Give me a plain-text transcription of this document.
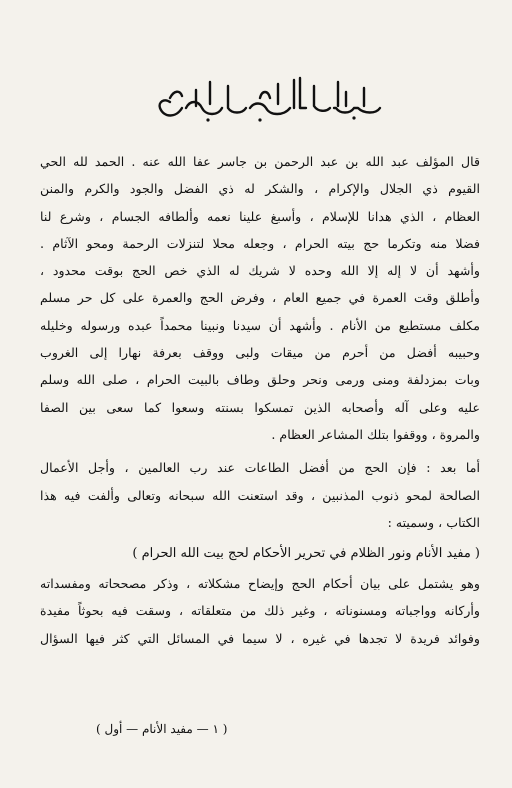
قال المؤلف عبد الله بن عبد الرحمن بن جاسر عفا الله عنه . الحمد لله الحي
القيوم ذي الجلال والإكرام ، والشكر له ذي الفضل والجود والكرم والمنن
العظام ، الذي هدانا للإسلام ، وأسبغ علينا نعمه وألطافه الجسام ، وشرع لنا
فضلا منه وتكرما حج بيته الحرام ، وجعله محلا لتنزلات الرحمة ومحو الآثام .
وأشهد أن لا إله إلا الله وحده لا شريك له الذي خص الحج بوقت محدود ،
وأطلق وقت العمرة في جميع العام ، وفرض الحج والعمرة على كل حر مسلم
مكلف مستطيع من الأنام . وأشهد أن سيدنا ونبينا محمداً عبده ورسوله وخليله
وحبيبه أفضل من أحرم من ميقات ولبى ووقف بعرفة نهارا إلى الغروب
وبات بمزدلفة ومنى ورمى ونحر وحلق وطاف بالبيت الحرام ، صلى الله وسلم
عليه وعلى آله وأصحابه الذين تمسكوا بسنته وسعوا كما سعى بين الصفا
والمروة ، ووقفوا بتلك المشاعر العظام .
أما بعد : فإن الحج من أفضل الطاعات عند رب العالمين ، وأجل الأعمال
الصالحة لمحو ذنوب المذنبين ، وقد استعنت الله سبحانه وتعالى وألفت فيه هذا
الكتاب ، وسميته :
( مفيد الأنام ونور الظلام في تحرير الأحكام لحج بيت الله الحرام )
وهو يشتمل على بيان أحكام الحج وإيضاح مشكلاته ، وذكر مصححاته ومفسداته
وأركانه وواجباته ومسنوناته ، وغير ذلك من متعلقاته ، وسقت فيه بحوثاً مفيدة
وفوائد فريدة لا تجدها في غيره ، لا سيما في المسائل التي كثر فيها السؤال
( ١ — مفيد الأنام — أول )
